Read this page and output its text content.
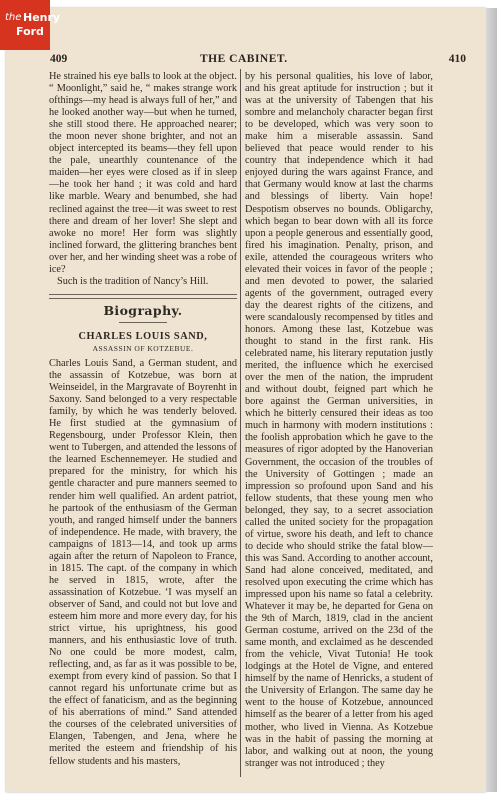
the Henry
Ford
409	THE CABINET.	410

He strained his eye balls to look at the object. “ Moonlight,” said he, “ makes strange work ofthings—my head is always full of her,” and he looked another way—but when he turned, she still stood there. He approached nearer; the moon never shone brighter, and not an object intercepted its beams—they fell upon the pale, unearthly countenance of the maiden—her eyes were closed as if in sleep—he took her hand ; it was cold and hard like marble. Weary and benumbed, she had reclined against the tree—it was sweet to rest there and dream of her lover! She slept and awoke no more! Her form was slightly inclined forward, the glittering branches bent over her, and her winding sheet was a robe of ice?

Such is the tradition of Nancy’s Hill.

Biography.
CHARLES LOUIS SAND,
ASSASSIN OF KOTZEBUE.

Charles Louis Sand, a German student, and the assassin of Kotzebue, was born at Weinseidel, in the Margravate of Boyrenht in Saxony. Sand belonged to a very respectable family, by which he was tenderly beloved. He first studied at the gymnasium of Regensbourg, under Professor Klein, then went to Tubergen, and attended the lessons of the learned Eschennemeyer. He studied and prepared for the ministry, for which his gentle character and pure manners seemed to render him well qualified. An ardent patriot, he partook of the enthusiasm of the German youth, and ranged himself under the banners of independence. He made, with bravery, the campaigns of 1813—14, and took up arms again after the return of Napoleon to France, in 1815. The capt. of the company in which he served in 1815, wrote, after the assassination of Kotzebue. ‘I was myself an observer of Sand, and could not but love and esteem him more and more every day, for his strict virtue, his uprightness, his good manners, and his enthusiastic love of truth. No one could be more modest, calm, reflecting, and, as far as it was possible to be, exempt from every kind of passion. So that I cannot regard his unfortunate crime but as the effect of fanaticism, and as the beginning of his aberrations of mind.” Sand attended the courses of the celebrated universities of Elangen, Tabengen, and Jena, where he merited the esteem and friendship of his fellow students and his masters,

by his personal qualities, his love of labor, and his great aptitude for instruction ; but it was at the university of Tabengen that his sombre and melancholy character began first to be developed, which was very soon to make him a miserable assassin. Sand believed that peace would render to his country that independence which it had enjoyed during the wars against France, and that Germany would know at last the charms and blessings of liberty. Vain hope! Despotism observes no bounds. Obligarchy, which began to bear down with all its force upon a people generous and essentially good, fired his imagination. Penalty, prison, and exile, attended the courageous writers who elevated their voices in favor of the people ; and men devoted to power, the salaried agents of the government, outraged every day the dearest rights of the citizens, and were scandalously recompensed by titles and honors. Among these last, Kotzebue was thought to stand in the first rank. His celebrated name, his literary reputation justly merited, the influence which he exercised over the men of the nation, the imprudent and without doubt, feigned part which he bore against the German universities, in which he bitterly censured their ideas as too much in harmony with modern institutions : the foolish approbation which he gave to the measures of rigor adopted by the Hanoverian Government, the occasion of the troubles of the University of Gottingen ; made an impression so profound upon Sand and his fellow students, that these young men who belonged, they say, to a secret association called the united society for the propagation of virtue, swore his death, and left to chance to decide who should strike the fatal blow—this was Sand. According to another account, Sand had alone conceived, meditated, and resolved upon executing the crime which has impressed upon his name so fatal a celebrity. Whatever it may be, he departed for Gena on the 9th of March, 1819, clad in the ancient German costume, arrived on the 23d of the same month, and exclaimed as he descended from the vehicle, Vivat Tutonia! He took lodgings at the Hotel de Vigne, and entered himself by the name of Henricks, a student of the University of Erlangon. The same day he went to the house of Kotzebue, announced himself as the bearer of a letter from his aged mother, who lived in Vienna. As Kotzebue was in the habit of passing the morning at labor, and walking out at noon, the young stranger was not introduced ; they
